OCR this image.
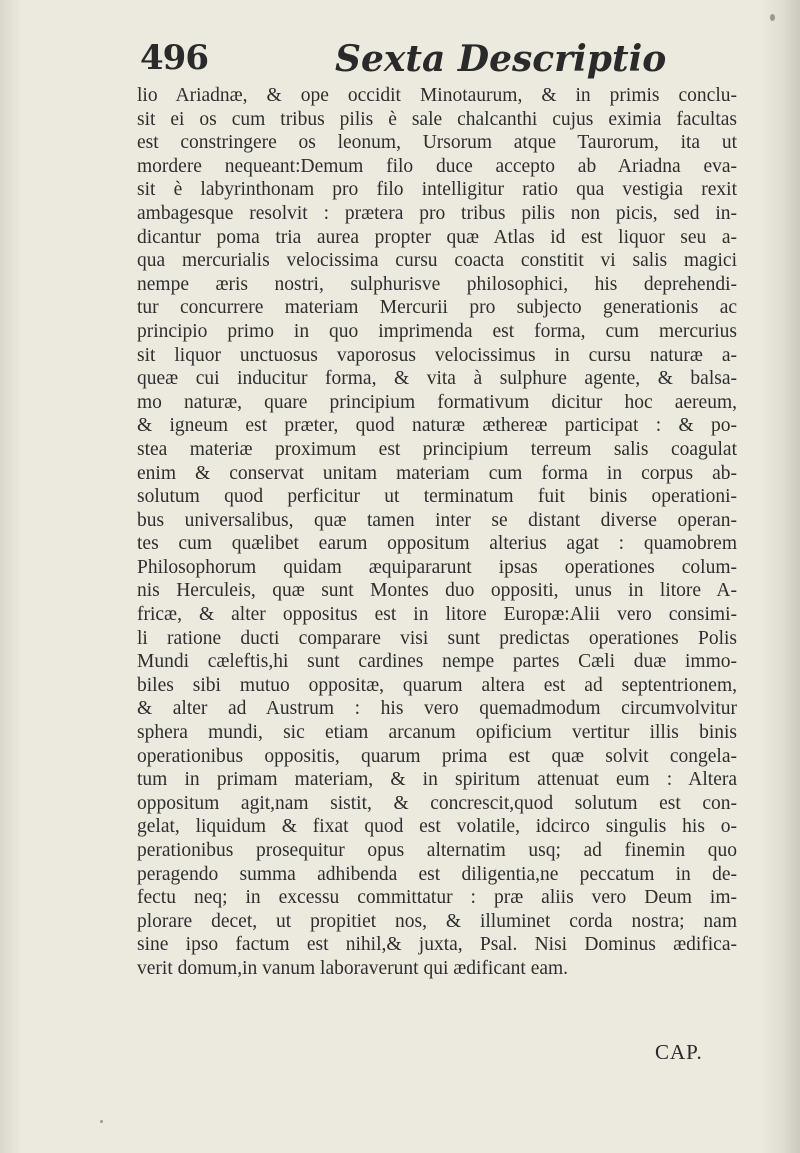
496	Sexta Descriptio
lio Ariadnæ, & ope occidit Minotaurum, & in primis conclu-
sit ei os cum tribus pilis è sale chalcanthi cujus eximia facultas
est constringere os leonum, Ursorum atque Taurorum, ita ut
mordere nequeant:Demum filo duce accepto ab Ariadna eva-
sit è labyrinthonam pro filo intelligitur ratio qua vestigia rexit
ambagesque resolvit : prætera pro tribus pilis non picis, sed in-
dicantur poma tria aurea propter quæ Atlas id est liquor seu a-
qua mercurialis velocissima cursu coacta constitit vi salis magici
nempe æris nostri, sulphurisve philosophici, his deprehendi-
tur concurrere materiam Mercurii pro subjecto generationis ac
principio primo in quo imprimenda est forma, cum mercurius
sit liquor unctuosus vaporosus velocissimus in cursu naturæ a-
queæ cui inducitur forma, & vita à sulphure agente, & balsa-
mo naturæ, quare principium formativum dicitur hoc aereum,
& igneum est præter, quod naturæ æthereæ participat : & po-
stea materiæ proximum est principium terreum salis coagulat
enim & conservat unitam materiam cum forma in corpus ab-
solutum quod perficitur ut terminatum fuit binis operationi-
bus universalibus, quæ tamen inter se distant diverse operan-
tes cum quælibet earum oppositum alterius agat : quamobrem
Philosophorum quidam æquipararunt ipsas operationes colum-
nis Herculeis, quæ sunt Montes duo oppositi, unus in litore A-
fricæ, & alter oppositus est in litore Europæ:Alii vero consimi-
li ratione ducti comparare visi sunt predictas operationes Polis
Mundi cæleftis,hi sunt cardines nempe partes Cæli duæ immo-
biles sibi mutuo oppositæ, quarum altera est ad septentrionem,
& alter ad Austrum : his vero quemadmodum circumvolvitur
sphera mundi, sic etiam arcanum opificium vertitur illis binis
operationibus oppositis, quarum prima est quæ solvit congela-
tum in primam materiam, & in spiritum attenuat eum : Altera
oppositum agit,nam sistit, & concrescit,quod solutum est con-
gelat, liquidum & fixat quod est volatile, idcirco singulis his o-
perationibus prosequitur opus alternatim usq; ad finemin quo
peragendo summa adhibenda est diligentia,ne peccatum in de-
fectu neq; in excessu committatur : præ aliis vero Deum im-
plorare decet, ut propitiet nos, & illuminet corda nostra; nam
sine ipso factum est nihil,& juxta, Psal. Nisi Dominus ædifica-
verit domum,in vanum laboraverunt qui ædificant eam.
CAP.
